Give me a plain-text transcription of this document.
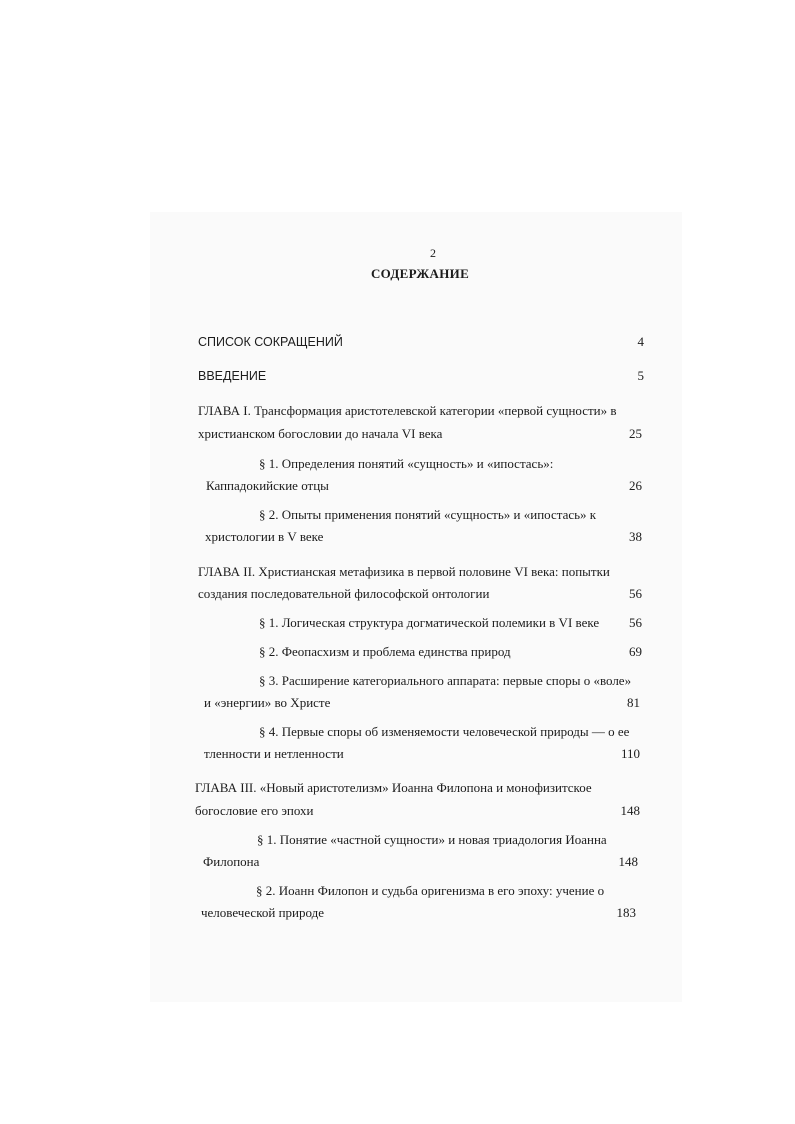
2
СОДЕРЖАНИЕ
СПИСОК СОКРАЩЕНИЙ	4
ВВЕДЕНИЕ	5
ГЛАВА I. Трансформация аристотелевской категории «первой сущности» в
христианском богословии до начала VI века	25
§ 1. Определения понятий «сущность» и «ипостась»:
Каппадокийские отцы	26
§ 2. Опыты применения понятий «сущность» и «ипостась» к
христологии в V веке	38
ГЛАВА II. Христианская метафизика в первой половине VI века: попытки
создания последовательной философской онтологии	56
§ 1. Логическая структура догматической полемики в VI веке	56
§ 2. Феопасхизм и проблема единства природ	69
§ 3. Расширение категориального аппарата: первые споры о «воле»
и «энергии» во Христе	81
§ 4. Первые споры об изменяемости человеческой природы — о ее
тленности и нетленности	110
ГЛАВА III. «Новый аристотелизм» Иоанна Филопона и монофизитское
богословие его эпохи	148
§ 1. Понятие «частной сущности» и новая триадология Иоанна
Филопона	148
§ 2. Иоанн Филопон и судьба оригенизма в его эпоху: учение о
человеческой природе	183
